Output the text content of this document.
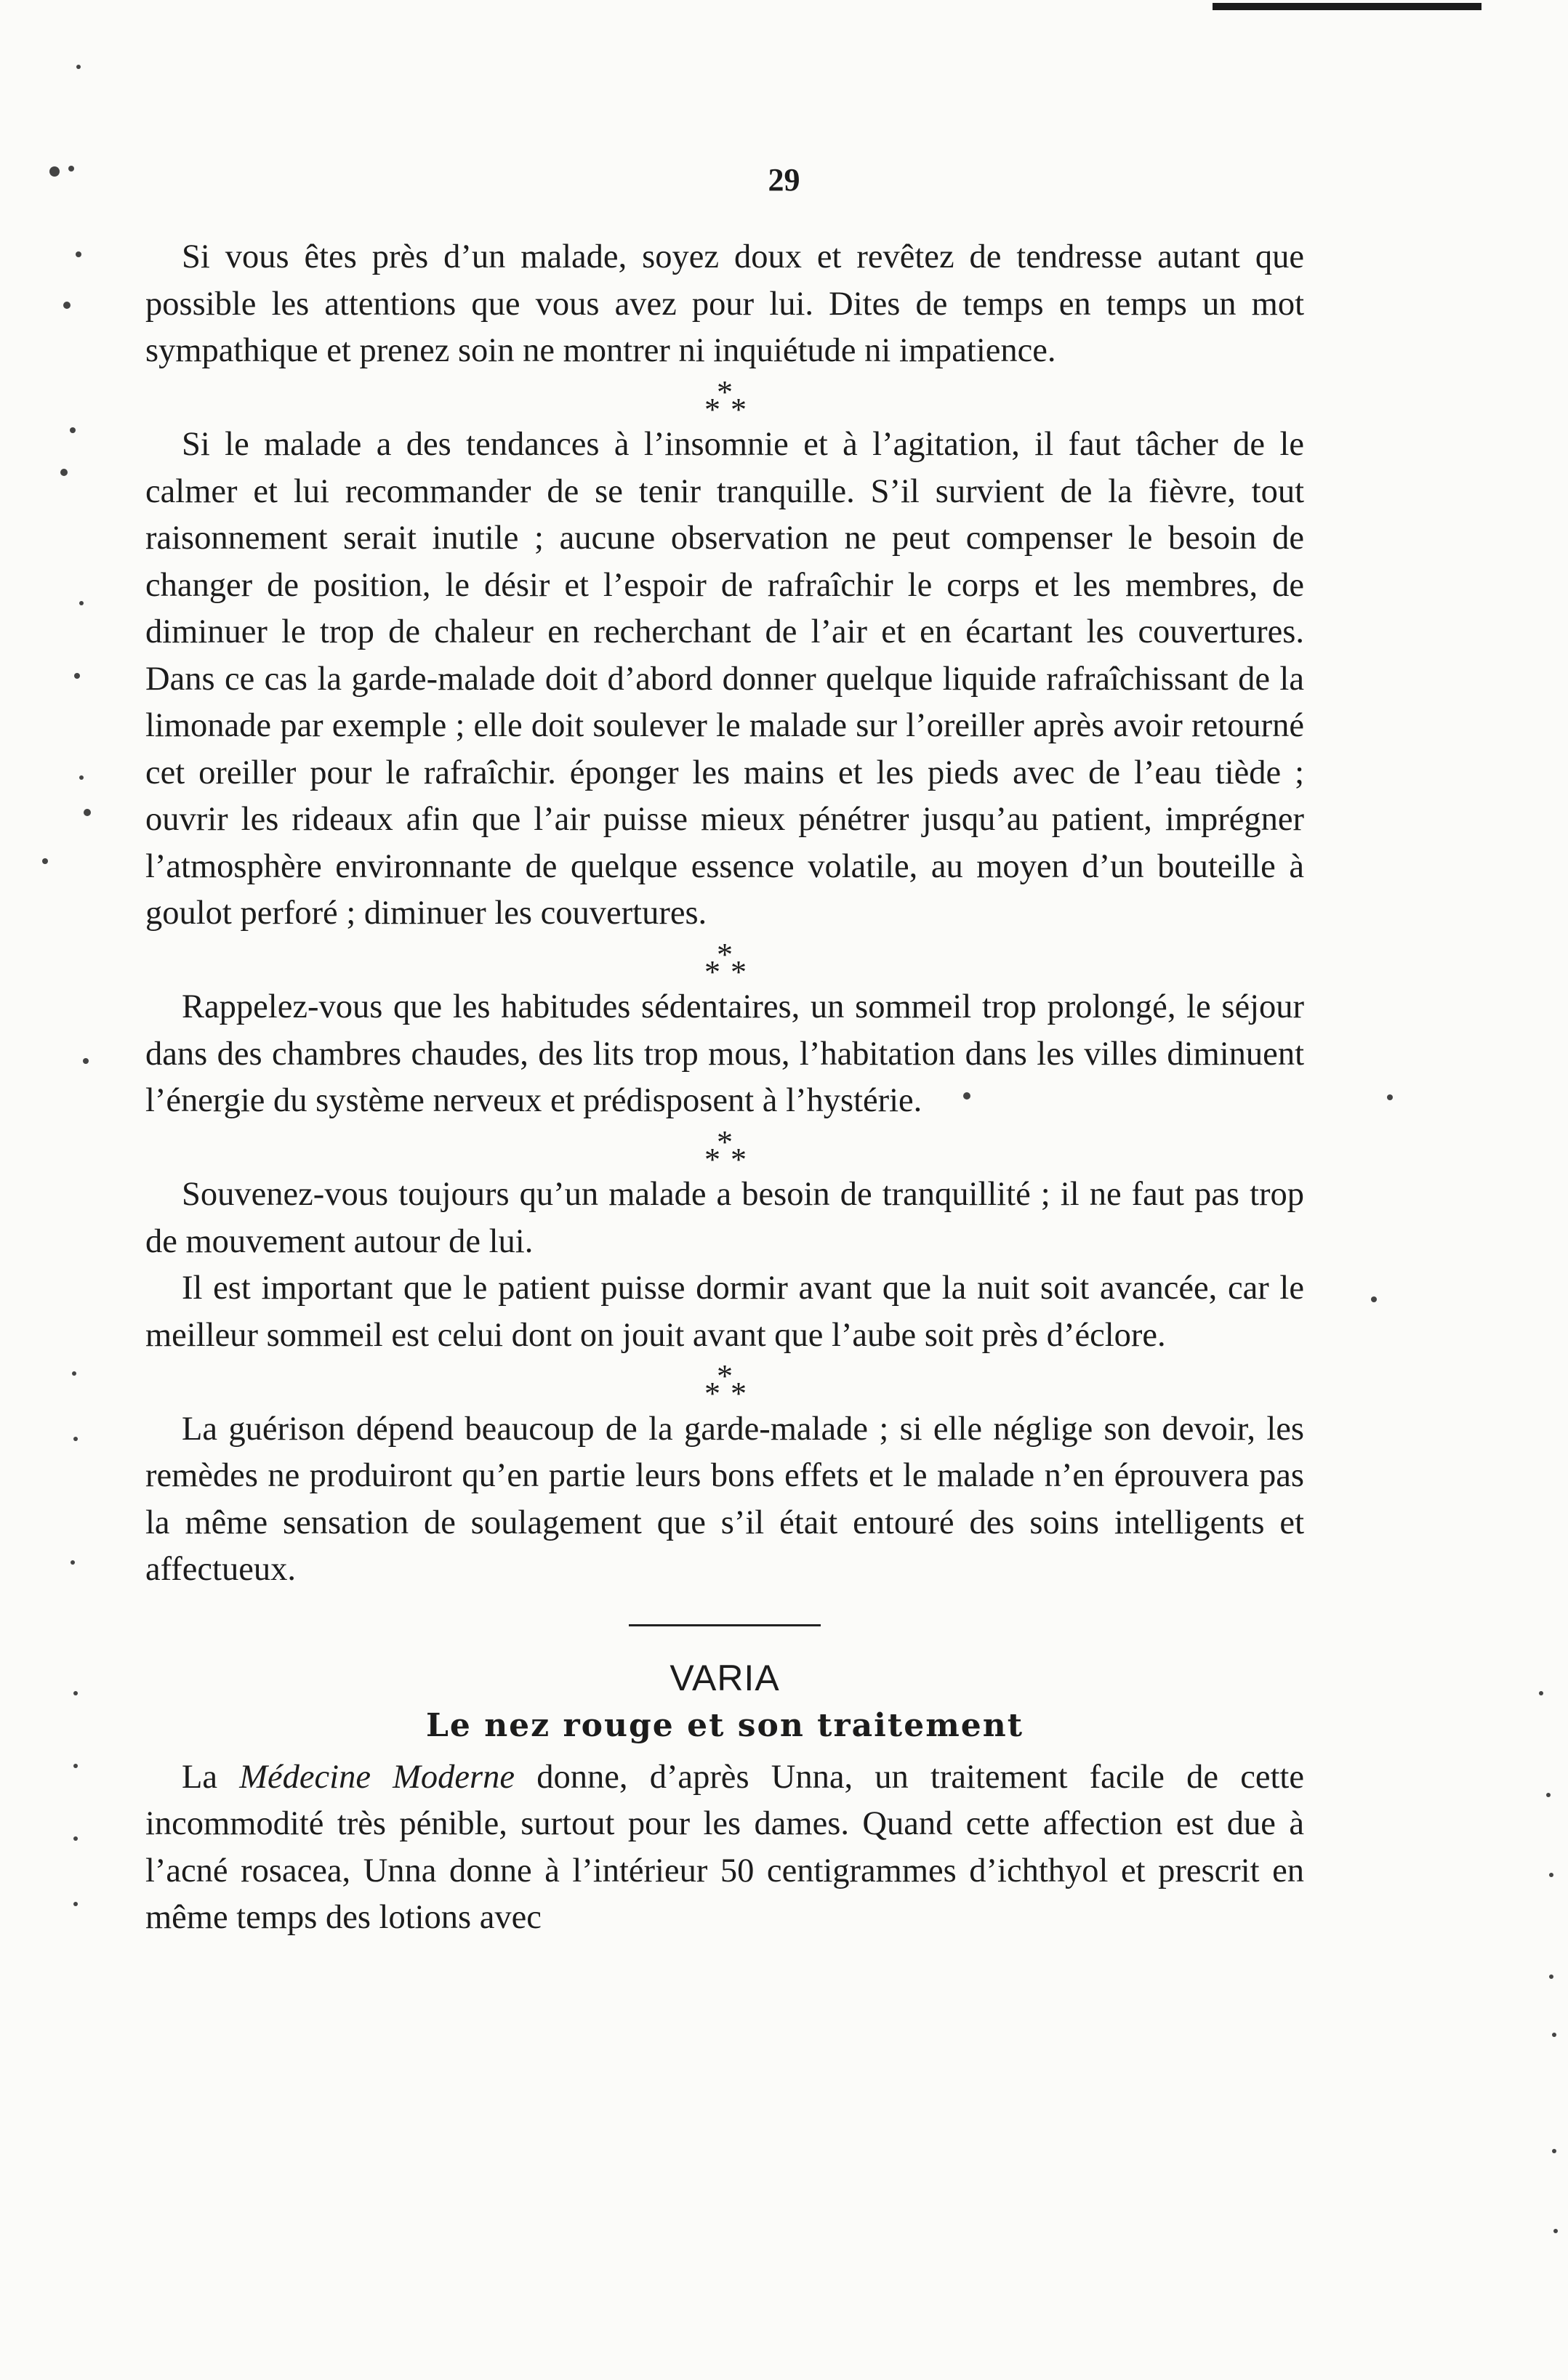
29

Si vous êtes près d’un malade, soyez doux et revêtez de tendresse autant que possible les attentions que vous avez pour lui. Dites de temps en temps un mot sympathique et prenez soin ne montrer ni inquiétude ni impatience.

*
* *

Si le malade a des tendances à l’insomnie et à l’agitation, il faut tâcher de le calmer et lui recommander de se tenir tranquille. S’il survient de la fièvre, tout raisonnement serait inutile ; aucune observation ne peut compenser le besoin de changer de position, le désir et l’espoir de rafraîchir le corps et les membres, de diminuer le trop de chaleur en recherchant de l’air et en écartant les couvertures. Dans ce cas la garde-malade doit d’abord donner quelque liquide rafraîchissant de la limonade par exemple ; elle doit soulever le malade sur l’oreiller après avoir retourné cet oreiller pour le rafraîchir. éponger les mains et les pieds avec de l’eau tiède ; ouvrir les rideaux afin que l’air puisse mieux pénétrer jusqu’au patient, imprégner l’atmosphère environnante de quelque essence volatile, au moyen d’un bouteille à goulot perforé ; diminuer les couvertures.

*
* *

Rappelez-vous que les habitudes sédentaires, un sommeil trop prolongé, le séjour dans des chambres chaudes, des lits trop mous, l’habitation dans les villes diminuent l’énergie du système nerveux et prédisposent à l’hystérie.

*
* *

Souvenez-vous toujours qu’un malade a besoin de tranquillité ; il ne faut pas trop de mouvement autour de lui.

Il est important que le patient puisse dormir avant que la nuit soit avancée, car le meilleur sommeil est celui dont on jouit avant que l’aube soit près d’éclore.

*
* *

La guérison dépend beaucoup de la garde-malade ; si elle néglige son devoir, les remèdes ne produiront qu’en partie leurs bons effets et le malade n’en éprouvera pas la même sensation de soulagement que s’il était entouré des soins intelligents et affectueux.

VARIA

Le nez rouge et son traitement

La Médecine Moderne donne, d’après Unna, un traitement facile de cette incommodité très pénible, surtout pour les dames. Quand cette affection est due à l’acné rosacea, Unna donne à l’intérieur 50 centigrammes d’ichthyol et prescrit en même temps des lotions avec
